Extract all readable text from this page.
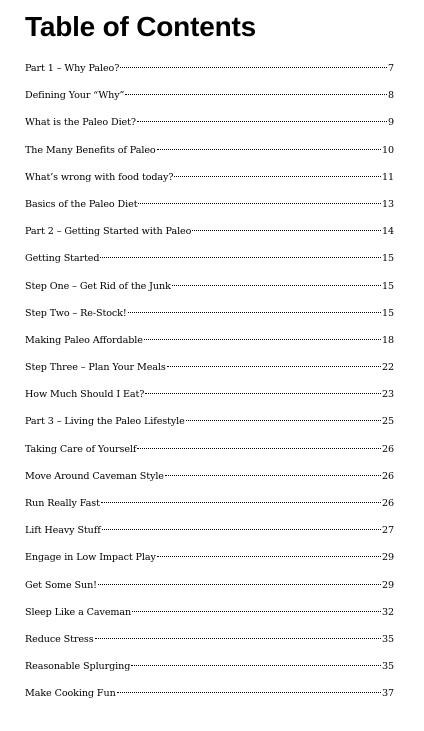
Table of Contents
Part 1 – Why Paleo?	7
Defining Your “Why”	8
What is the Paleo Diet?	9
The Many Benefits of Paleo	10
What’s wrong with food today?	11
Basics of the Paleo Diet	13
Part 2 – Getting Started with Paleo	14
Getting Started	15
Step One – Get Rid of the Junk	15
Step Two – Re-Stock!	15
Making Paleo Affordable	18
Step Three – Plan Your Meals	22
How Much Should I Eat?	23
Part 3 – Living the Paleo Lifestyle	25
Taking Care of Yourself	26
Move Around Caveman Style	26
Run Really Fast	26
Lift Heavy Stuff	27
Engage in Low Impact Play	29
Get Some Sun!	29
Sleep Like a Caveman	32
Reduce Stress	35
Reasonable Splurging	35
Make Cooking Fun	37
